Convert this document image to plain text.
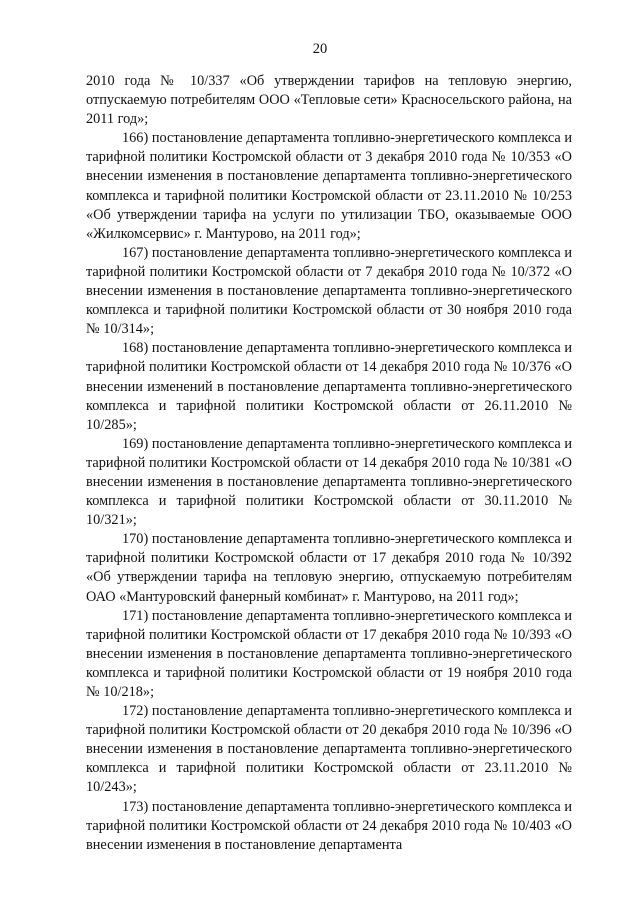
20

2010 года № 10/337 «Об утверждении тарифов на тепловую энергию, отпускаемую потребителям ООО «Тепловые сети» Красносельского района, на 2011 год»;

166) постановление департамента топливно-энергетического комплекса и тарифной политики Костромской области от 3 декабря 2010 года № 10/353 «О внесении изменения в постановление департамента топливно-энергетического комплекса и тарифной политики Костромской области от 23.11.2010 № 10/253 «Об утверждении тарифа на услуги по утилизации ТБО, оказываемые ООО «Жилкомсервис» г. Мантурово, на 2011 год»;

167) постановление департамента топливно-энергетического комплекса и тарифной политики Костромской области от 7 декабря 2010 года № 10/372 «О внесении изменения в постановление департамента топливно-энергетического комплекса и тарифной политики Костромской области от 30 ноября 2010 года № 10/314»;

168) постановление департамента топливно-энергетического комплекса и тарифной политики Костромской области от 14 декабря 2010 года № 10/376 «О внесении изменений в постановление департамента топливно-энергетического комплекса и тарифной политики Костромской области от 26.11.2010 № 10/285»;

169) постановление департамента топливно-энергетического комплекса и тарифной политики Костромской области от 14 декабря 2010 года № 10/381 «О внесении изменения в постановление департамента топливно-энергетического комплекса и тарифной политики Костромской области от 30.11.2010 № 10/321»;

170) постановление департамента топливно-энергетического комплекса и тарифной политики Костромской области от 17 декабря 2010 года № 10/392 «Об утверждении тарифа на тепловую энергию, отпускаемую потребителям ОАО «Мантуровский фанерный комбинат» г. Мантурово, на 2011 год»;

171) постановление департамента топливно-энергетического комплекса и тарифной политики Костромской области от 17 декабря 2010 года № 10/393 «О внесении изменения в постановление департамента топливно-энергетического комплекса и тарифной политики Костромской области от 19 ноября 2010 года № 10/218»;

172) постановление департамента топливно-энергетического комплекса и тарифной политики Костромской области от 20 декабря 2010 года № 10/396 «О внесении изменения в постановление департамента топливно-энергетического комплекса и тарифной политики Костромской области от 23.11.2010 № 10/243»;

173) постановление департамента топливно-энергетического комплекса и тарифной политики Костромской области от 24 декабря 2010 года № 10/403 «О внесении изменения в постановление департамента
